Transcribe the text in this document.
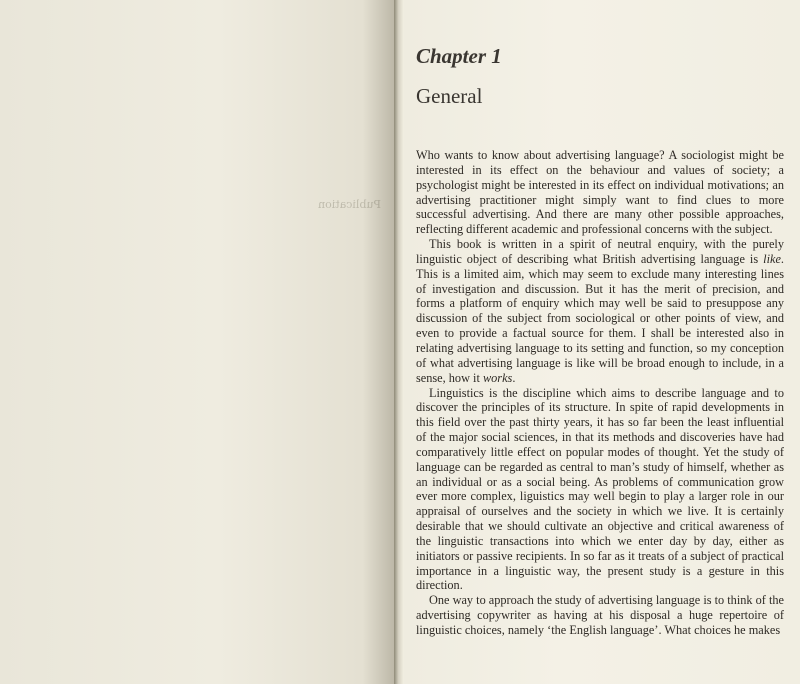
Publication
Chapter 1
General

Who wants to know about advertising language? A sociologist might be interested in its effect on the behaviour and values of society; a psychologist might be interested in its effect on individual motivations; an advertising practitioner might simply want to find clues to more successful advertising. And there are many other possible approaches, reflecting different academic and professional concerns with the subject.

This book is written in a spirit of neutral enquiry, with the purely linguistic object of describing what British advertising language is like. This is a limited aim, which may seem to exclude many interesting lines of investigation and discussion. But it has the merit of precision, and forms a platform of enquiry which may well be said to presuppose any discussion of the subject from sociological or other points of view, and even to provide a factual source for them. I shall be interested also in relating advertising language to its setting and function, so my conception of what advertising language is like will be broad enough to include, in a sense, how it works.

Linguistics is the discipline which aims to describe language and to discover the principles of its structure. In spite of rapid developments in this field over the past thirty years, it has so far been the least influential of the major social sciences, in that its methods and discoveries have had comparatively little effect on popular modes of thought. Yet the study of language can be regarded as central to man’s study of himself, whether as an individual or as a social being. As problems of communication grow ever more complex, liguistics may well begin to play a larger role in our appraisal of ourselves and the society in which we live. It is certainly desirable that we should cultivate an objective and critical awareness of the linguistic transactions into which we enter day by day, either as initiators or passive recipients. In so far as it treats of a subject of practical importance in a linguistic way, the present study is a gesture in this direction.

One way to approach the study of advertising language is to think of the advertising copywriter as having at his disposal a huge repertoire of linguistic choices, namely ‘the English language’. What choices he makes
